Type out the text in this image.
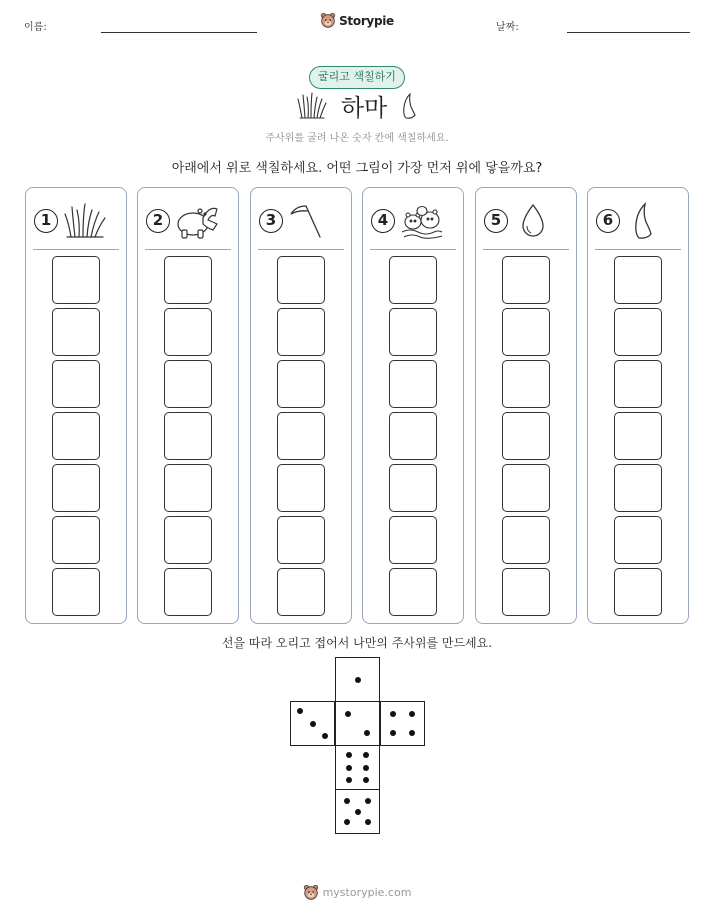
이름:	Storypie	날짜:
굴리고 색칠하기
하마
주사위를 굴려 나온 숫자 칸에 색칠하세요.
아래에서 위로 색칠하세요. 어떤 그림이 가장 먼저 위에 닿을까요?
1	2	3	4	5	6
선을 따라 오리고 접어서 나만의 주사위를 만드세요.
mystorypie.com
